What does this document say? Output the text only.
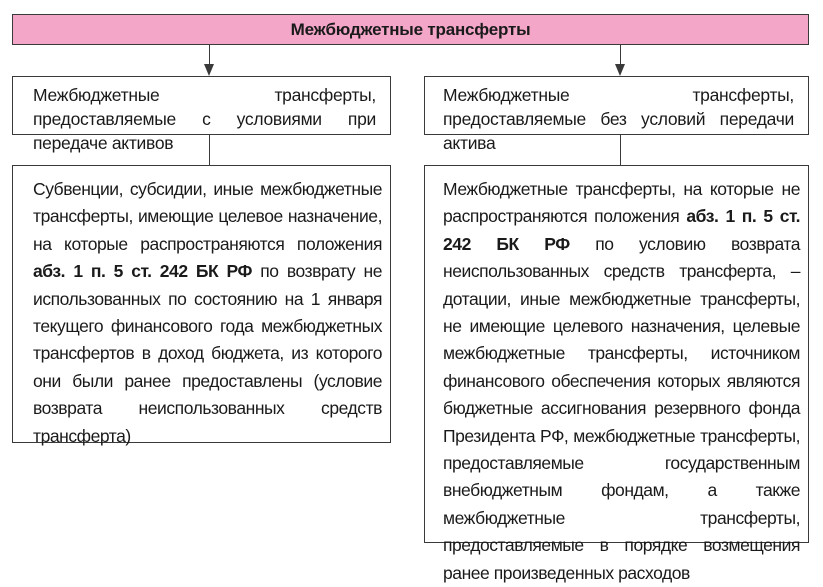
Межбюджетные трансферты
Межбюджетные трансферты, предоставляемые с условиями при передаче активов
Межбюджетные трансферты, предоставляемые без условий передачи актива
Субвенции, субсидии, иные межбюджетные трансферты, имеющие целевое назначение, на которые распространяются положения абз. 1 п. 5 ст. 242 БК РФ по возврату не использованных по состоянию на 1 января текущего финансового года межбюджетных трансфертов в доход бюджета, из которого они были ранее предоставлены (условие возврата неиспользованных средств трансферта)
Межбюджетные трансферты, на которые не распространяются положения абз. 1 п. 5 ст. 242 БК РФ по условию возврата неиспользованных средств трансферта, – дотации, иные межбюджетные трансферты, не имеющие целевого назначения, целевые межбюджетные трансферты, источником финансового обеспечения которых являются бюджетные ассигнования резервного фонда Президента РФ, межбюджетные трансферты, предоставляемые государственным внебюджетным фондам, а также межбюджетные трансферты, предоставляемые в порядке возмещения ранее произведенных расходов
